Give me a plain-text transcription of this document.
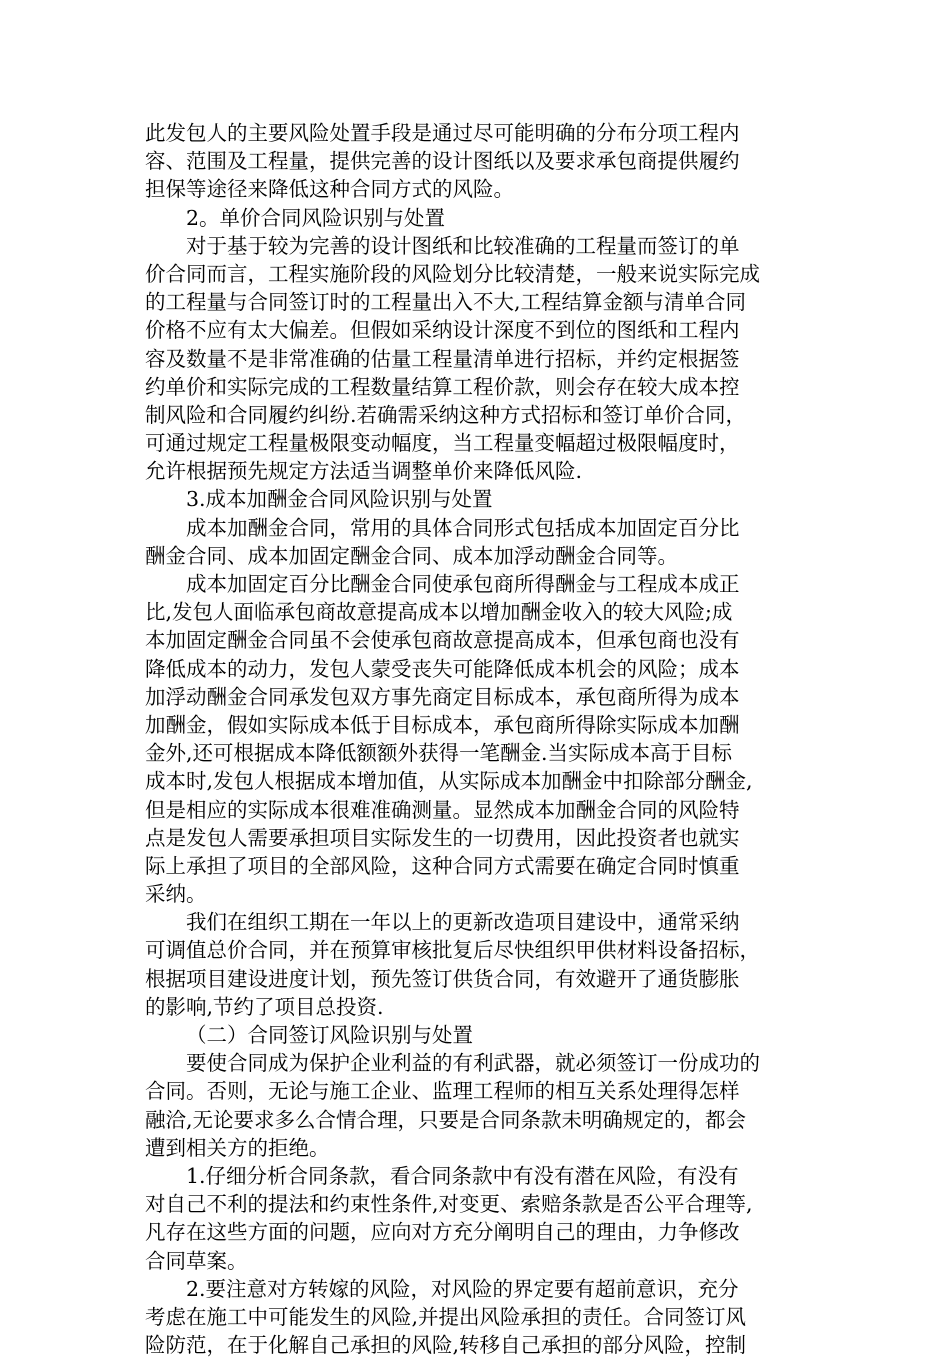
此发包人的主要风险处置手段是通过尽可能明确的分布分项工程内
容、范围及工程量，提供完善的设计图纸以及要求承包商提供履约
担保等途径来降低这种合同方式的风险。
2。单价合同风险识别与处置
对于基于较为完善的设计图纸和比较准确的工程量而签订的单
价合同而言，工程实施阶段的风险划分比较清楚，一般来说实际完成
的工程量与合同签订时的工程量出入不大,工程结算金额与清单合同
价格不应有太大偏差。但假如采纳设计深度不到位的图纸和工程内
容及数量不是非常准确的估量工程量清单进行招标，并约定根据签
约单价和实际完成的工程数量结算工程价款，则会存在较大成本控
制风险和合同履约纠纷.若确需采纳这种方式招标和签订单价合同，
可通过规定工程量极限变动幅度，当工程量变幅超过极限幅度时，
允许根据预先规定方法适当调整单价来降低风险.
3.成本加酬金合同风险识别与处置
成本加酬金合同，常用的具体合同形式包括成本加固定百分比
酬金合同、成本加固定酬金合同、成本加浮动酬金合同等。
成本加固定百分比酬金合同使承包商所得酬金与工程成本成正
比,发包人面临承包商故意提高成本以增加酬金收入的较大风险;成
本加固定酬金合同虽不会使承包商故意提高成本，但承包商也没有
降低成本的动力，发包人蒙受丧失可能降低成本机会的风险；成本
加浮动酬金合同承发包双方事先商定目标成本，承包商所得为成本
加酬金，假如实际成本低于目标成本，承包商所得除实际成本加酬
金外,还可根据成本降低额额外获得一笔酬金.当实际成本高于目标
成本时,发包人根据成本增加值，从实际成本加酬金中扣除部分酬金,
但是相应的实际成本很难准确测量。显然成本加酬金合同的风险特
点是发包人需要承担项目实际发生的一切费用，因此投资者也就实
际上承担了项目的全部风险，这种合同方式需要在确定合同时慎重
采纳。
我们在组织工期在一年以上的更新改造项目建设中，通常采纳
可调值总价合同，并在预算审核批复后尽快组织甲供材料设备招标，
根据项目建设进度计划，预先签订供货合同，有效避开了通货膨胀
的影响,节约了项目总投资.
（二）合同签订风险识别与处置
要使合同成为保护企业利益的有利武器，就必须签订一份成功的
合同。否则，无论与施工企业、监理工程师的相互关系处理得怎样
融洽,无论要求多么合情合理，只要是合同条款未明确规定的，都会
遭到相关方的拒绝。
1.仔细分析合同条款，看合同条款中有没有潜在风险，有没有
对自己不利的提法和约束性条件,对变更、索赔条款是否公平合理等,
凡存在这些方面的问题，应向对方充分阐明自己的理由，力争修改
合同草案。
2.要注意对方转嫁的风险，对风险的界定要有超前意识，充分
考虑在施工中可能发生的风险,并提出风险承担的责任。合同签订风
险防范，在于化解自己承担的风险,转移自己承担的部分风险，控制
